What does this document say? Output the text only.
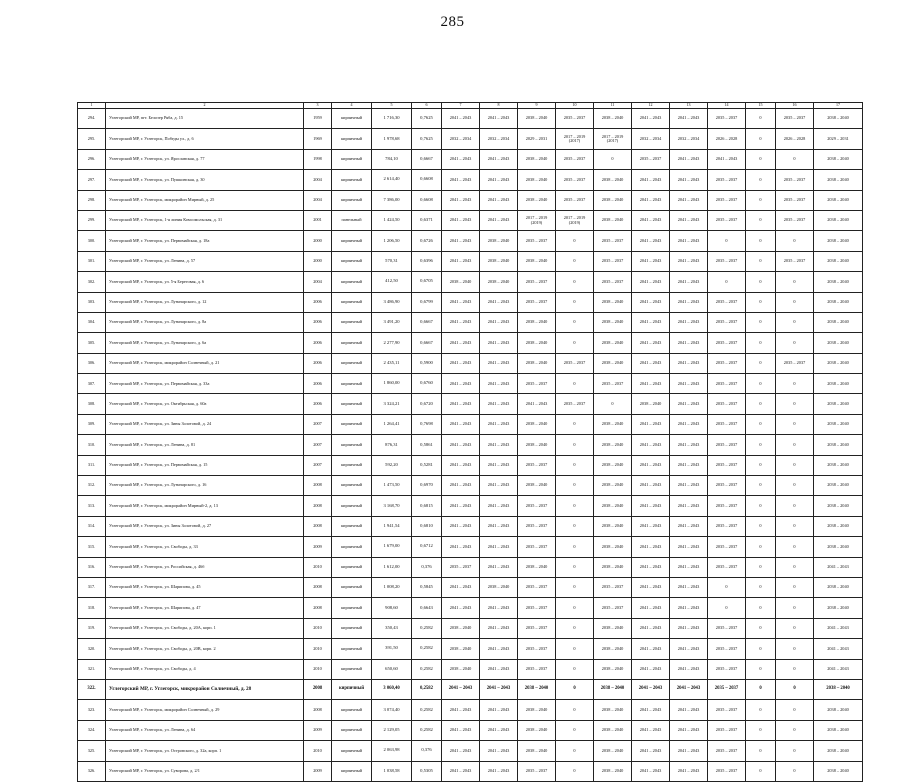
285
1	2	3	4	5	6	7	8	9	10	11	12	13	14	15	16	17
294.	Углегорский МР, пгт. Белозер Ряба, д. 15	1959	кирпичный	1 716,30	0,7625	2041 – 2043	2041 – 2043	2038 – 2040	2035 – 2037	2038 – 2040	2041 – 2043	2041 – 2043	2035 – 2037	0	2035 – 2037	2038 – 2040
295.	Углегорский МР, г. Углегорск, Победы ул., д. 6	1969	кирпичный	1 978,68	0,7625	2032 – 2034	2032 – 2034	2029 – 2031	2017 – 2019 (2017)	2017 – 2019 (2017)	2032 – 2034	2032 – 2034	2026 – 2028	0	2026 – 2028	2029 – 2031
296.	Углегорский МР, г. Углегорск, ул. Ярославская, д. 77	1998	кирпичный	784,10	0,6667	2041 – 2043	2041 – 2043	2038 – 2040	2035 – 2037	0	2035 – 2037	2041 – 2043	2041 – 2043	0	0	2038 – 2040
297.	Углегорский МР, г. Углегорск, ул. Пушкинская, д. 30	2004	кирпичный	2 614,40	0,6608	2041 – 2043	2041 – 2043	2038 – 2040	2035 – 2037	2038 – 2040	2041 – 2043	2041 – 2043	2035 – 2037	0	2035 – 2037	2038 – 2040
298.	Углегорский МР, г. Углегорск, микрорайон Мирный, д. 25	2004	кирпичный	7 386,00	0,6608	2041 – 2043	2041 – 2043	2038 – 2040	2035 – 2037	2038 – 2040	2041 – 2043	2041 – 2043	2035 – 2037	0	2035 – 2037	2038 – 2040
299.	Углегорский МР, г. Углегорск, 1-я линия Комсомольская, д. 31	2001	панельный	1 424,50	0,6371	2041 – 2043	2041 – 2043	2017 – 2019 (2019)	2017 – 2019 (2019)	2038 – 2040	2041 – 2043	2041 – 2043	2035 – 2037	0	2035 – 2037	2038 – 2040
300.	Углегорский МР, г. Углегорск, ул. Первомайская, д. 18а	2000	кирпичный	1 206,50	0,6726	2041 – 2043	2038 – 2040	2035 – 2037	0	2035 – 2037	2041 – 2043	2041 – 2043	0	0	0	2038 – 2040
301.	Углегорский МР, г. Углегорск, ул. Ленина, д. 57	2000	кирпичный	570,31	0,6396	2041 – 2043	2038 – 2040	2038 – 2040	0	2035 – 2037	2041 – 2043	2041 – 2043	2035 – 2037	0	2035 – 2037	2038 – 2040
302.	Углегорский МР, г. Углегорск, ул. 5-я Береговая, д. 6	2004	кирпичный	412,50	0,6705	2038 – 2040	2038 – 2040	2035 – 2037	0	2035 – 2037	2041 – 2043	2041 – 2043	0	0	0	2038 – 2040
303.	Углегорский МР, г. Углегорск, ул. Луначарского, д. 12	2006	кирпичный	3 486,90	0,6799	2041 – 2043	2041 – 2043	2035 – 2037	0	2038 – 2040	2041 – 2043	2041 – 2043	2035 – 2037	0	0	2038 – 2040
304.	Углегорский МР, г. Углегорск, ул. Луначарского, д. 8а	2006	кирпичный	3 491,20	0,6667	2041 – 2043	2041 – 2043	2038 – 2040	0	2038 – 2040	2041 – 2043	2041 – 2043	2035 – 2037	0	0	2038 – 2040
305.	Углегорский МР, г. Углегорск, ул. Луначарского, д. 6а	2006	кирпичный	2 277,90	0,6667	2041 – 2043	2041 – 2043	2038 – 2040	0	2038 – 2040	2041 – 2043	2041 – 2043	2035 – 2037	0	0	2038 – 2040
306.	Углегорский МР, г. Углегорск, микрорайон Солнечный, д. 21	2006	кирпичный	2 435,11	0,5900	2041 – 2043	2041 – 2043	2038 – 2040	2035 – 2037	2038 – 2040	2041 – 2043	2041 – 2043	2035 – 2037	0	2035 – 2037	2038 – 2040
307.	Углегорский МР, г. Углегорск, ул. Первомайская, д. 33а	2006	кирпичный	1 860,00	0,6760	2041 – 2043	2041 – 2043	2035 – 2037	0	2035 – 2037	2041 – 2043	2041 – 2043	2035 – 2037	0	0	2038 – 2040
308.	Углегорский МР, г. Углегорск, ул. Октябрьская, д. 60а	2006	кирпичный	3 324,21	0,6720	2041 – 2043	2041 – 2043	2041 – 2043	2035 – 2037	0	2038 – 2040	2041 – 2043	2035 – 2037	0	0	2038 – 2040
309.	Углегорский МР, г. Углегорск, ул. Зины Золотовой, д. 24	2007	кирпичный	1 264,41	0,7698	2041 – 2043	2041 – 2043	2038 – 2040	0	2038 – 2040	2041 – 2043	2041 – 2043	2035 – 2037	0	0	2038 – 2040
310.	Углегорский МР, г. Углегорск, ул. Ленина, д. 81	2007	кирпичный	876,31	0,5861	2041 – 2043	2041 – 2043	2038 – 2040	0	2038 – 2040	2041 – 2043	2041 – 2043	2035 – 2037	0	0	2038 – 2040
311.	Углегорский МР, г. Углегорск, ул. Первомайская, д. 15	2007	кирпичный	592,20	0,5281	2041 – 2043	2041 – 2043	2035 – 2037	0	2038 – 2040	2041 – 2043	2041 – 2043	2035 – 2037	0	0	2038 – 2040
312.	Углегорский МР, г. Углегорск, ул. Луначарского, д. 16	2008	кирпичный	1 473,50	0,6970	2041 – 2043	2041 – 2043	2038 – 2040	0	2038 – 2040	2041 – 2043	2041 – 2043	2035 – 2037	0	0	2038 – 2040
313.	Углегорский МР, г. Углегорск, микрорайон Мирный-2, д. 13	2008	кирпичный	3 168,70	0,6815	2041 – 2043	2041 – 2043	2035 – 2037	0	2038 – 2040	2041 – 2043	2041 – 2043	2035 – 2037	0	0	2038 – 2040
314.	Углегорский МР, г. Углегорск, ул. Зины Золотовой, д. 27	2008	кирпичный	1 941,54	0,6810	2041 – 2043	2041 – 2043	2035 – 2037	0	2038 – 2040	2041 – 2043	2041 – 2043	2035 – 2037	0	0	2038 – 2040
315.	Углегорский МР, г. Углегорск, ул. Свободы, д. 33	2009	кирпичный	1 679,00	0,6712	2041 – 2043	2041 – 2043	2035 – 2037	0	2038 – 2040	2041 – 2043	2041 – 2043	2035 – 2037	0	0	2038 – 2040
316.	Углегорский МР, г. Углегорск, ул. Российская, д. 46б	2010	кирпичный	1 612,00	0,376	2035 – 2037	2041 – 2043	2038 – 2040	0	2038 – 2040	2041 – 2043	2041 – 2043	2035 – 2037	0	0	2041 – 2043
317.	Углегорский МР, г. Углегорск, ул. Шарипова, д. 45	2008	кирпичный	1 008,20	0,5845	2041 – 2043	2038 – 2040	2035 – 2037	0	2035 – 2037	2041 – 2043	2041 – 2043	0	0	0	2038 – 2040
318.	Углегорский МР, г. Углегорск, ул. Шарипова, д. 47	2008	кирпичный	908,60	0,6643	2041 – 2043	2041 – 2043	2035 – 2037	0	2035 – 2037	2041 – 2043	2041 – 2043	0	0	0	2038 – 2040
319.	Углегорский МР, г. Углегорск, ул. Свободы, д. 20А, корп. 1	2010	кирпичный	350,43	0,2582	2038 – 2040	2041 – 2043	2035 – 2037	0	2038 – 2040	2041 – 2043	2041 – 2043	2035 – 2037	0	0	2041 – 2043
320.	Углегорский МР, г. Углегорск, ул. Свободы, д. 20В, корп. 2	2010	кирпичный	391,50	0,2582	2038 – 2040	2041 – 2043	2035 – 2037	0	2038 – 2040	2041 – 2043	2041 – 2043	2035 – 2037	0	0	2041 – 2043
321.	Углегорский МР, г. Углегорск, ул. Свободы, д. 4	2010	кирпичный	650,60	0,2582	2038 – 2040	2041 – 2043	2035 – 2037	0	2038 – 2040	2041 – 2043	2041 – 2043	2035 – 2037	0	0	2041 – 2043
322.	Углегорский МР, г. Углегорск, микрорайон Солнечный, д. 28	2008	кирпичный	3 060,40	0,2582	2041 – 2043	2041 – 2043	2038 – 2040	0	2038 – 2040	2041 – 2043	2041 – 2043	2035 – 2037	0	0	2038 – 2040
323.	Углегорский МР, г. Углегорск, микрорайон Солнечный, д. 29	2008	кирпичный	3 074,40	0,2582	2041 – 2043	2041 – 2043	2038 – 2040	0	2038 – 2040	2041 – 2043	2041 – 2043	2035 – 2037	0	0	2038 – 2040
324.	Углегорский МР, г. Углегорск, ул. Ленина, д. 64	2009	кирпичный	2 129,05	0,2582	2041 – 2043	2041 – 2043	2038 – 2040	0	2038 – 2040	2041 – 2043	2041 – 2043	2035 – 2037	0	0	2038 – 2040
325.	Углегорский МР, г. Углегорск, ул. Островского, д. 32а, корп. 1	2010	кирпичный	2 063,98	0,376	2041 – 2043	2041 – 2043	2038 – 2040	0	2038 – 2040	2041 – 2043	2041 – 2043	2035 – 2037	0	0	2038 – 2040
326.	Углегорский МР, г. Углегорск, ул. Суворова, д. 2/1	2009	кирпичный	1 038,58	0,5305	2041 – 2043	2041 – 2043	2035 – 2037	0	2038 – 2040	2041 – 2043	2041 – 2043	2035 – 2037	0	0	2038 – 2040
